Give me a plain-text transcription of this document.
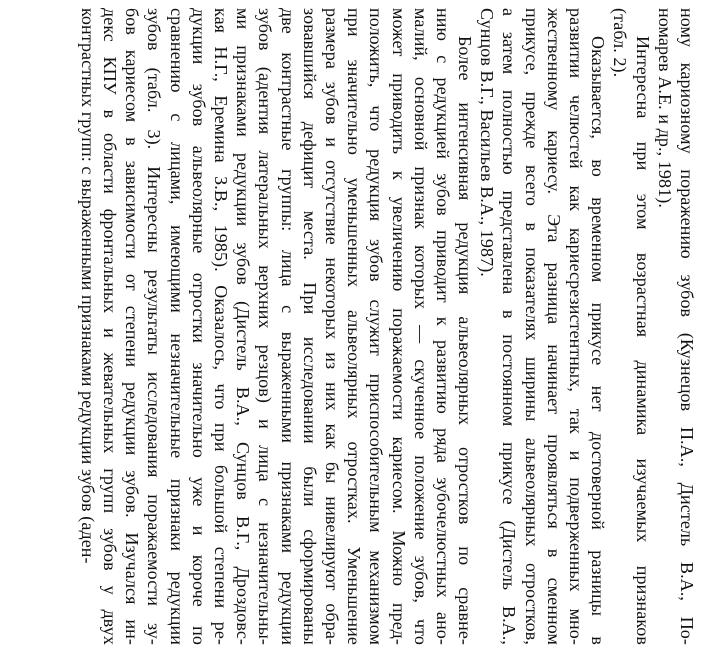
ному кариозному поражению зубов (Кузнецов П.А., Дистель В.А., По-
номарев А.Е. и др., 1981).
Интересна при этом возрастная динамика изучаемых признаков
(табл. 2).
Оказывается, во временном прикусе нет достоверной разницы в
развитии челюстей как кариесрезистентных, так и подверженных мно-
жественному кариесу. Эта разница начинает проявляться в сменном
прикусе, прежде всего в показателях ширины альвеолярных отростков,
а затем полностью представлена в постоянном прикусе (Дистель В.А.,
Сунцов В.Г., Васильев В.А., 1987).
Более интенсивная редукция альвеолярных отростков по сравне-
нию с редукцией зубов приводит к развитию ряда зубочелюстных ано-
малий, основной признак которых — скученное положение зубов, что
может приводить к увеличению поражаемости кариесом. Можно пред-
положить, что редукция зубов служит приспособительным механизмом
при значительно уменьшенных альвеолярных отростках. Уменьшение
размера зубов и отсутствие некоторых из них как бы нивелируют обра-
зовавшийся дефицит места. При исследовании были сформированы
две контрастные группы: лица с выраженными признаками редукции
зубов (адентия латеральных верхних резцов) и лица с незначительны-
ми признаками редукции зубов (Дистель В.А., Сунцов В.Г., Дроздовс-
кая Н.Г., Еремина З.В., 1985). Оказалось, что при большой степени ре-
дукции зубов альвеолярные отростки значительно уже и короче по
сравнению с лицами, имеющими незначительные признаки редукции
зубов (табл. 3). Интересны результаты исследования поражаемости зу-
бов кариесом в зависимости от степени редукции зубов. Изучался ин-
декс КПУ в области фронтальных и жевательных групп зубов у двух
контрастных групп: с выраженными признаками редукции зубов (аден-
